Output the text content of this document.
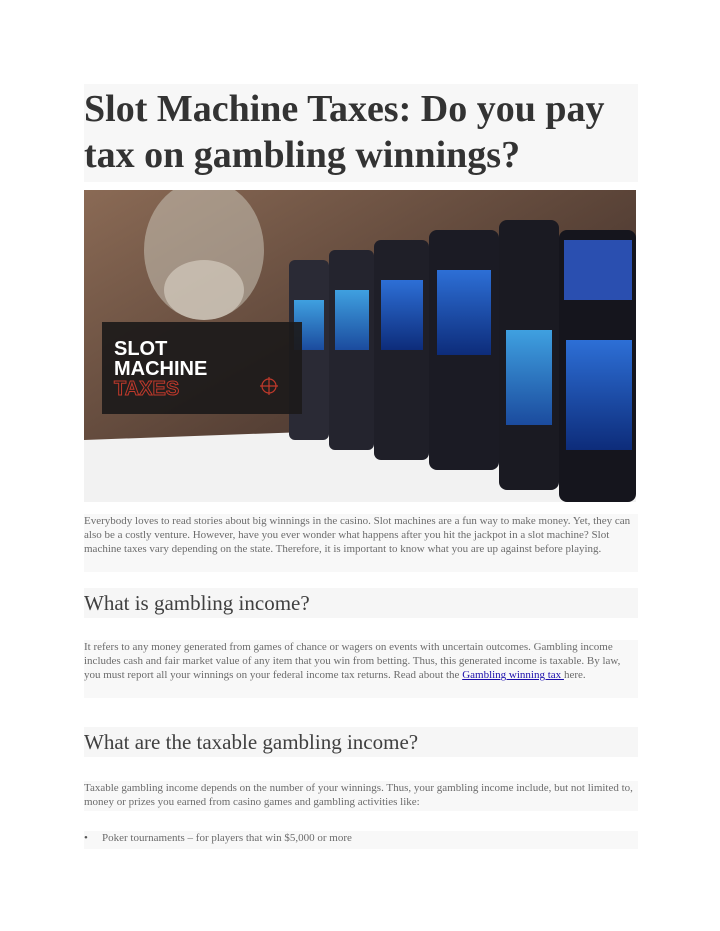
Slot Machine Taxes: Do you pay tax on gambling winnings?
SLOT
MACHINE
TAXES

Everybody loves to read stories about big winnings in the casino. Slot machines are a fun way to make money. Yet, they can also be a costly venture. However, have you ever wonder what happens after you hit the jackpot in a slot machine? Slot machine taxes vary depending on the state. Therefore, it is important to know what you are up against before playing.

What is gambling income?

It refers to any money generated from games of chance or wagers on events with uncertain outcomes. Gambling income includes cash and fair market value of any item that you win from betting. Thus, this generated income is taxable. By law, you must report all your winnings on your federal income tax returns. Read about the Gambling winning tax here.

What are the taxable gambling income?

Taxable gambling income depends on the number of your winnings. Thus, your gambling income include, but not limited to, money or prizes you earned from casino games and gambling activities like:

• Poker tournaments – for players that win $5,000 or more
